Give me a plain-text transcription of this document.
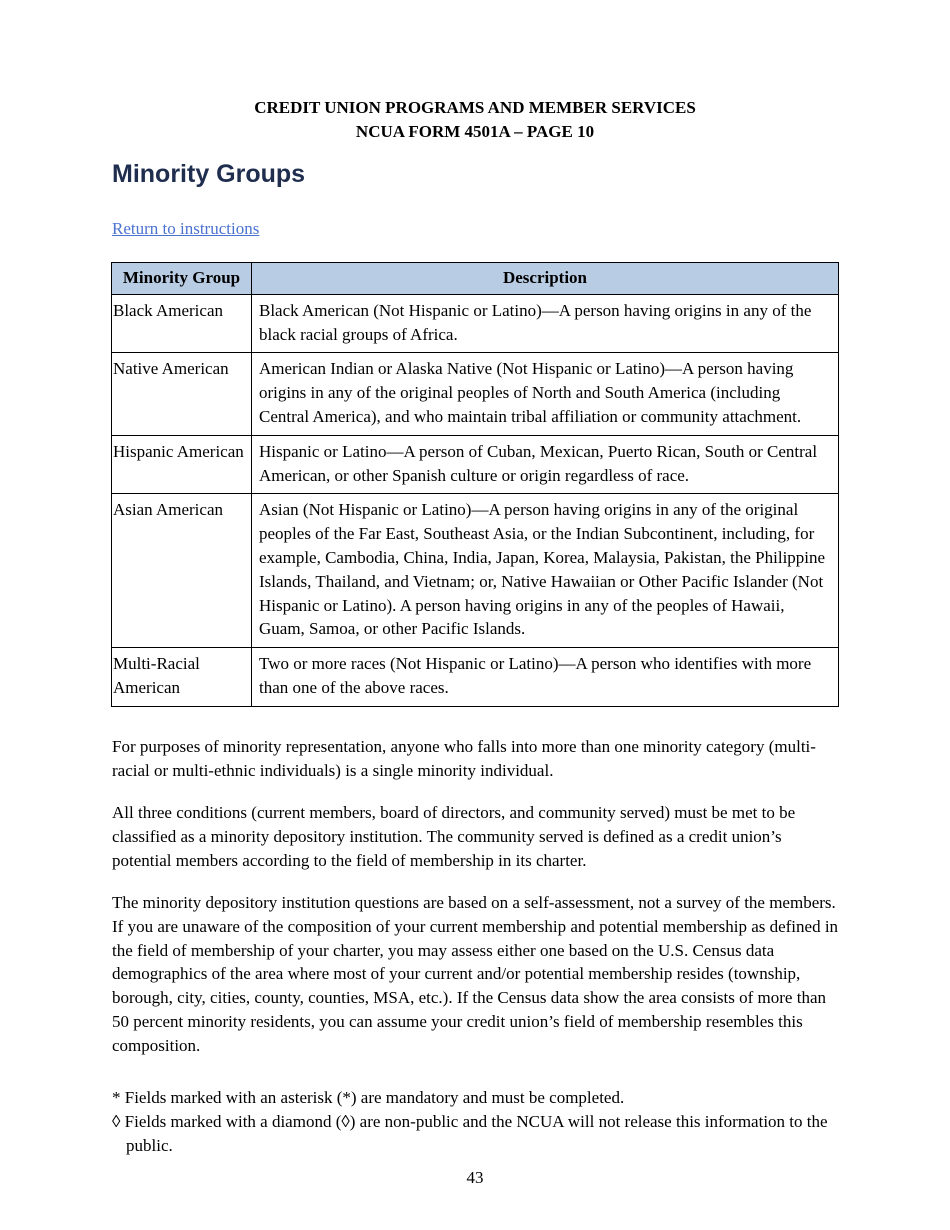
CREDIT UNION PROGRAMS AND MEMBER SERVICES
NCUA FORM 4501A – PAGE 10
Minority Groups
Return to instructions
Minority Group	Description
Black American	Black American (Not Hispanic or Latino)—A person having origins in any of the black racial groups of Africa.
Native American	American Indian or Alaska Native (Not Hispanic or Latino)—A person having origins in any of the original peoples of North and South America (including Central America), and who maintain tribal affiliation or community attachment.
Hispanic American	Hispanic or Latino—A person of Cuban, Mexican, Puerto Rican, South or Central American, or other Spanish culture or origin regardless of race.
Asian American	Asian (Not Hispanic or Latino)—A person having origins in any of the original peoples of the Far East, Southeast Asia, or the Indian Subcontinent, including, for example, Cambodia, China, India, Japan, Korea, Malaysia, Pakistan, the Philippine Islands, Thailand, and Vietnam; or, Native Hawaiian or Other Pacific Islander (Not Hispanic or Latino). A person having origins in any of the peoples of Hawaii, Guam, Samoa, or other Pacific Islands.
Multi-Racial American	Two or more races (Not Hispanic or Latino)—A person who identifies with more than one of the above races.

For purposes of minority representation, anyone who falls into more than one minority category (multi-racial or multi-ethnic individuals) is a single minority individual.

All three conditions (current members, board of directors, and community served) must be met to be classified as a minority depository institution. The community served is defined as a credit union’s potential members according to the field of membership in its charter.

The minority depository institution questions are based on a self-assessment, not a survey of the members. If you are unaware of the composition of your current membership and potential membership as defined in the field of membership of your charter, you may assess either one based on the U.S. Census data demographics of the area where most of your current and/or potential membership resides (township, borough, city, cities, county, counties, MSA, etc.). If the Census data show the area consists of more than 50 percent minority residents, you can assume your credit union’s field of membership resembles this composition.

* Fields marked with an asterisk (*) are mandatory and must be completed.

◊ Fields marked with a diamond (◊) are non-public and the NCUA will not release this information to the public.

43
